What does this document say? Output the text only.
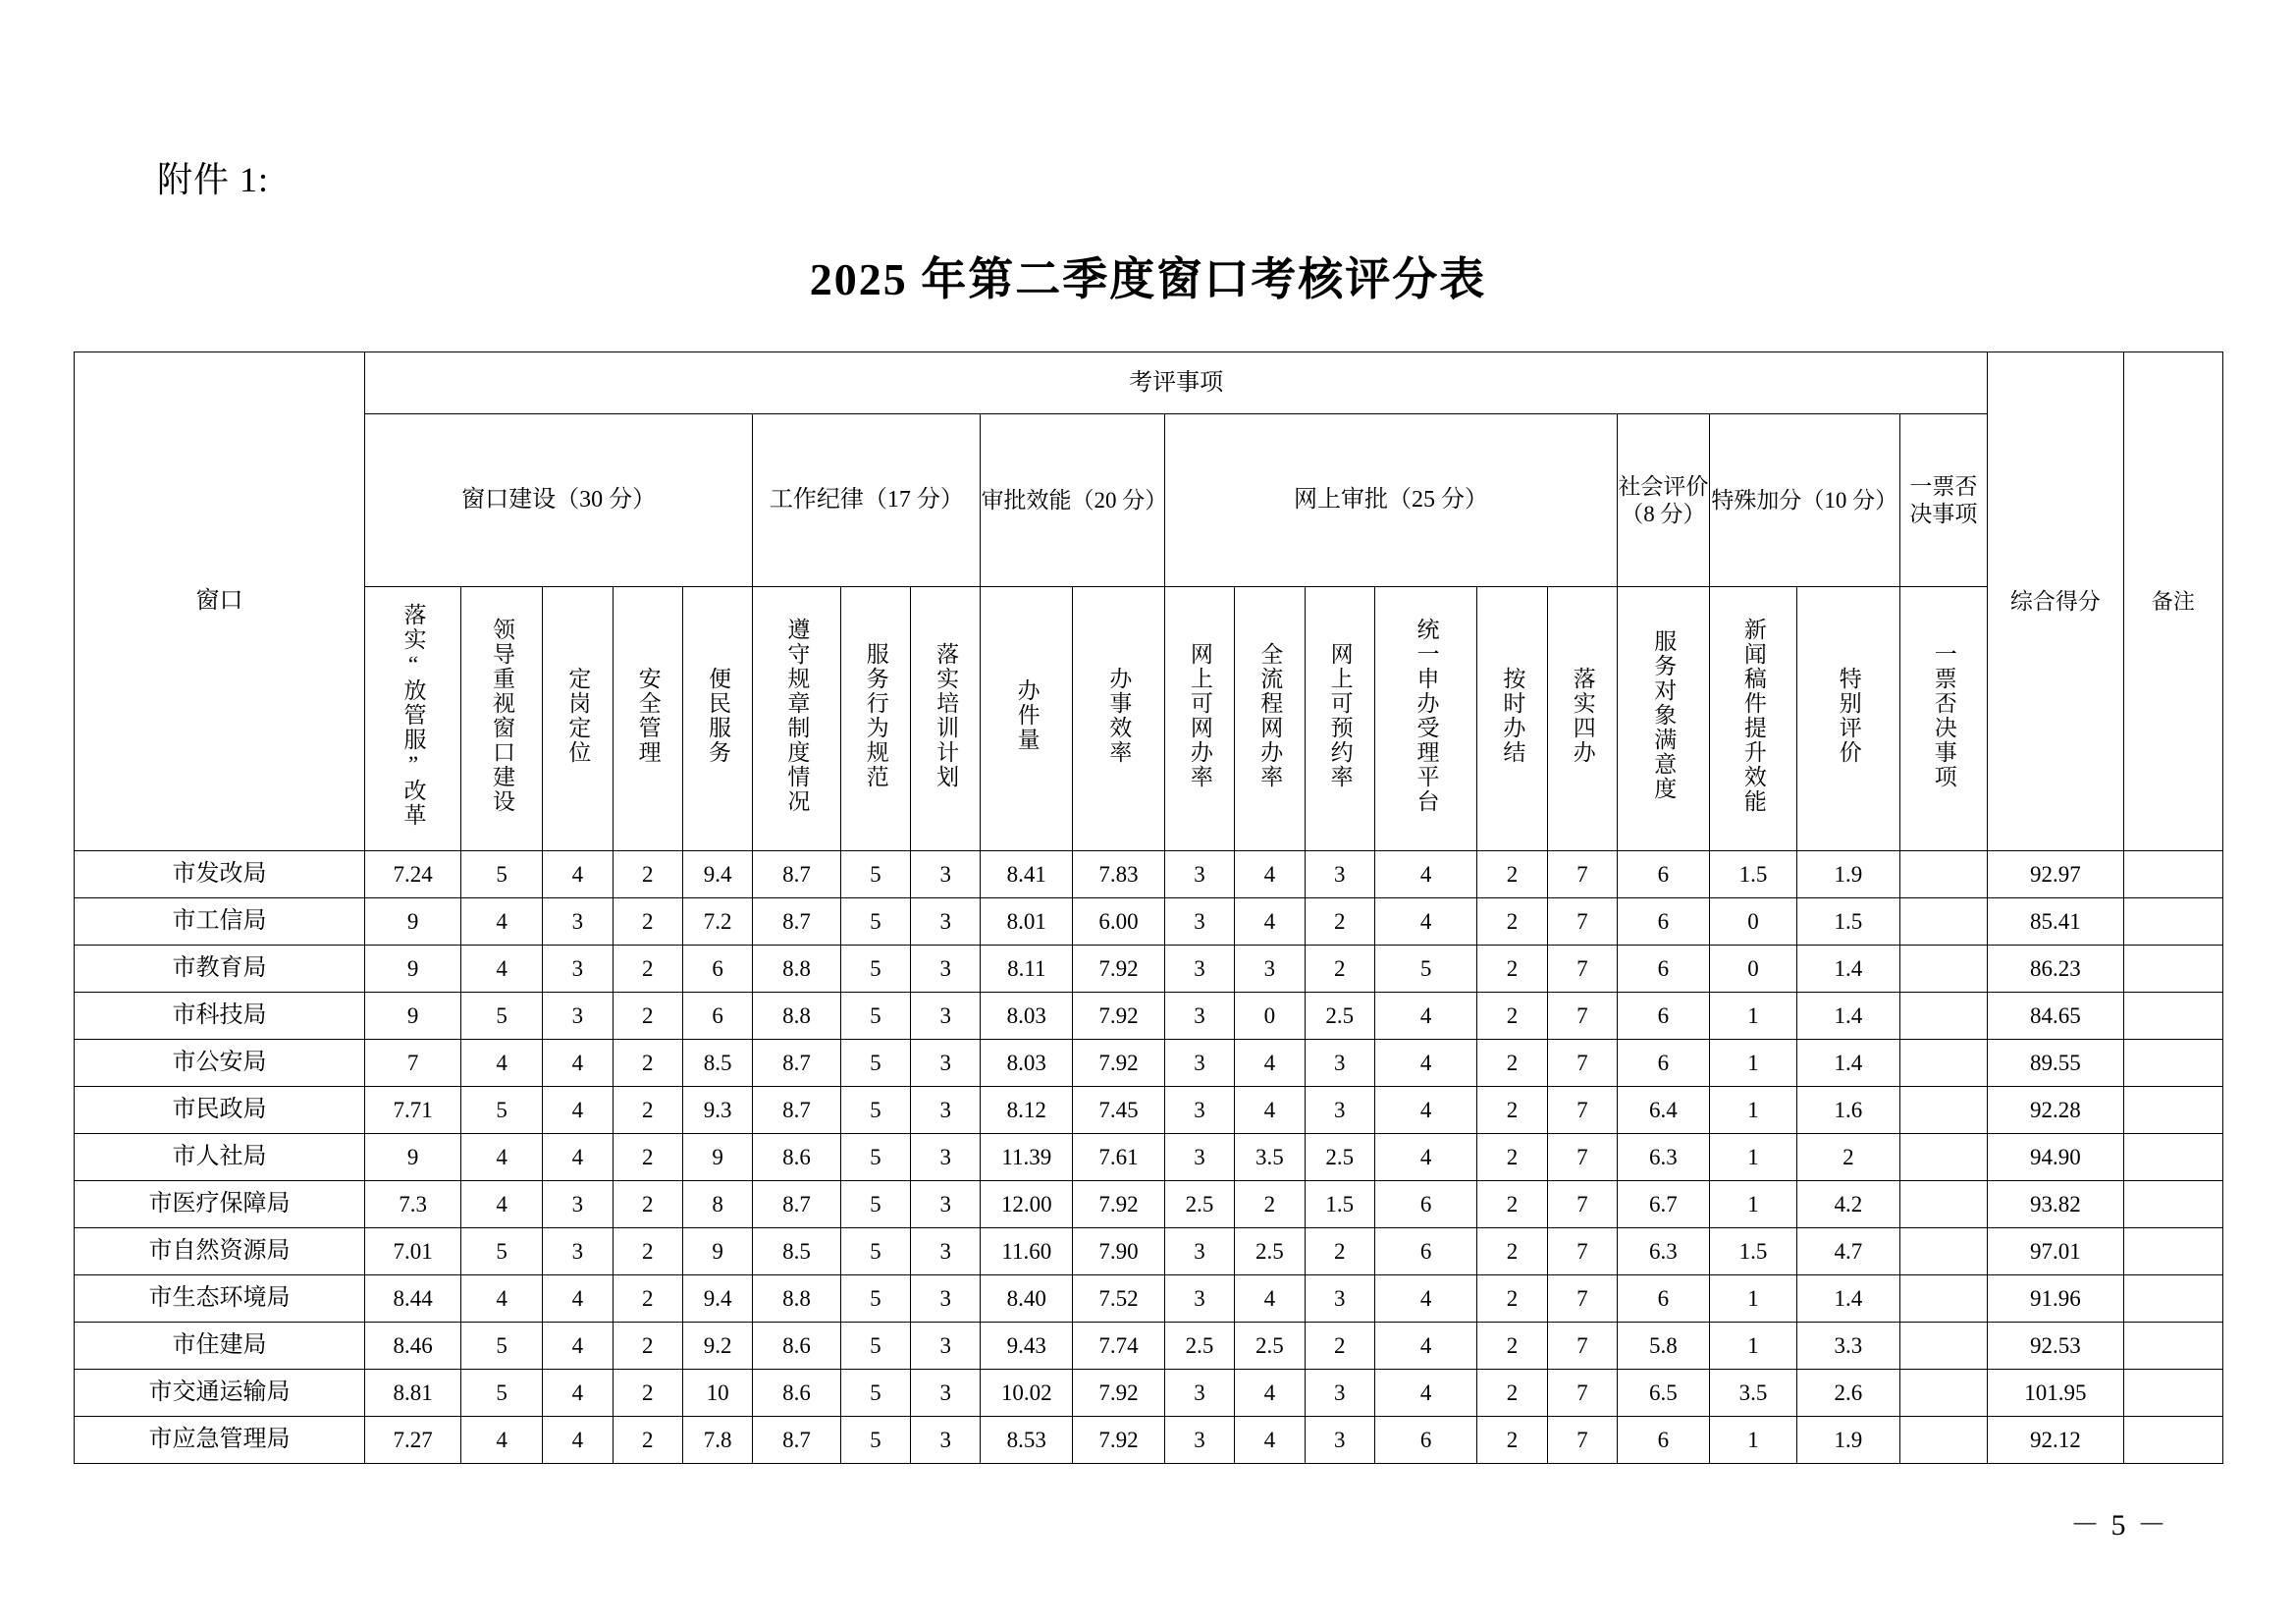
附件 1:
2025 年第二季度窗口考核评分表
窗口	考评事项																				综合得分	备注
	窗口建设（30 分）					工作纪律（17 分）			审批效能（20 分）		网上审批（25 分）						社会评价（8 分）	特殊加分（10 分）		一票否决事项		

	落实“放管服”改革	领导重视窗口建设	定岗定位	安全管理	便民服务	遵守规章制度情况	服务行为规范	落实培训计划	办件量	办事效率	网上可网办率	全流程网办率	网上可预约率	统一申办受理平台	按时办结	落实四办	服务对象满意度	新闻稿件提升效能	特别评价	一票否决事项		
市发改局	7.24	5	4	2	9.4	8.7	5	3	8.41	7.83	3	4	3	4	2	7	6	1.5	1.9		92.97	
市工信局	9	4	3	2	7.2	8.7	5	3	8.01	6.00	3	4	2	4	2	7	6	0	1.5		85.41	
市教育局	9	4	3	2	6	8.8	5	3	8.11	7.92	3	3	2	5	2	7	6	0	1.4		86.23	
市科技局	9	5	3	2	6	8.8	5	3	8.03	7.92	3	0	2.5	4	2	7	6	1	1.4		84.65	
市公安局	7	4	4	2	8.5	8.7	5	3	8.03	7.92	3	4	3	4	2	7	6	1	1.4		89.55	
市民政局	7.71	5	4	2	9.3	8.7	5	3	8.12	7.45	3	4	3	4	2	7	6.4	1	1.6		92.28	
市人社局	9	4	4	2	9	8.6	5	3	11.39	7.61	3	3.5	2.5	4	2	7	6.3	1	2		94.90	
市医疗保障局	7.3	4	3	2	8	8.7	5	3	12.00	7.92	2.5	2	1.5	6	2	7	6.7	1	4.2		93.82	
市自然资源局	7.01	5	3	2	9	8.5	5	3	11.60	7.90	3	2.5	2	6	2	7	6.3	1.5	4.7		97.01	
市生态环境局	8.44	4	4	2	9.4	8.8	5	3	8.40	7.52	3	4	3	4	2	7	6	1	1.4		91.96	
市住建局	8.46	5	4	2	9.2	8.6	5	3	9.43	7.74	2.5	2.5	2	4	2	7	5.8	1	3.3		92.53	
市交通运输局	8.81	5	4	2	10	8.6	5	3	10.02	7.92	3	4	3	4	2	7	6.5	3.5	2.6		101.95	
市应急管理局	7.27	4	4	2	7.8	8.7	5	3	8.53	7.92	3	4	3	6	2	7	6	1	1.9		92.12	
－ 5 －
